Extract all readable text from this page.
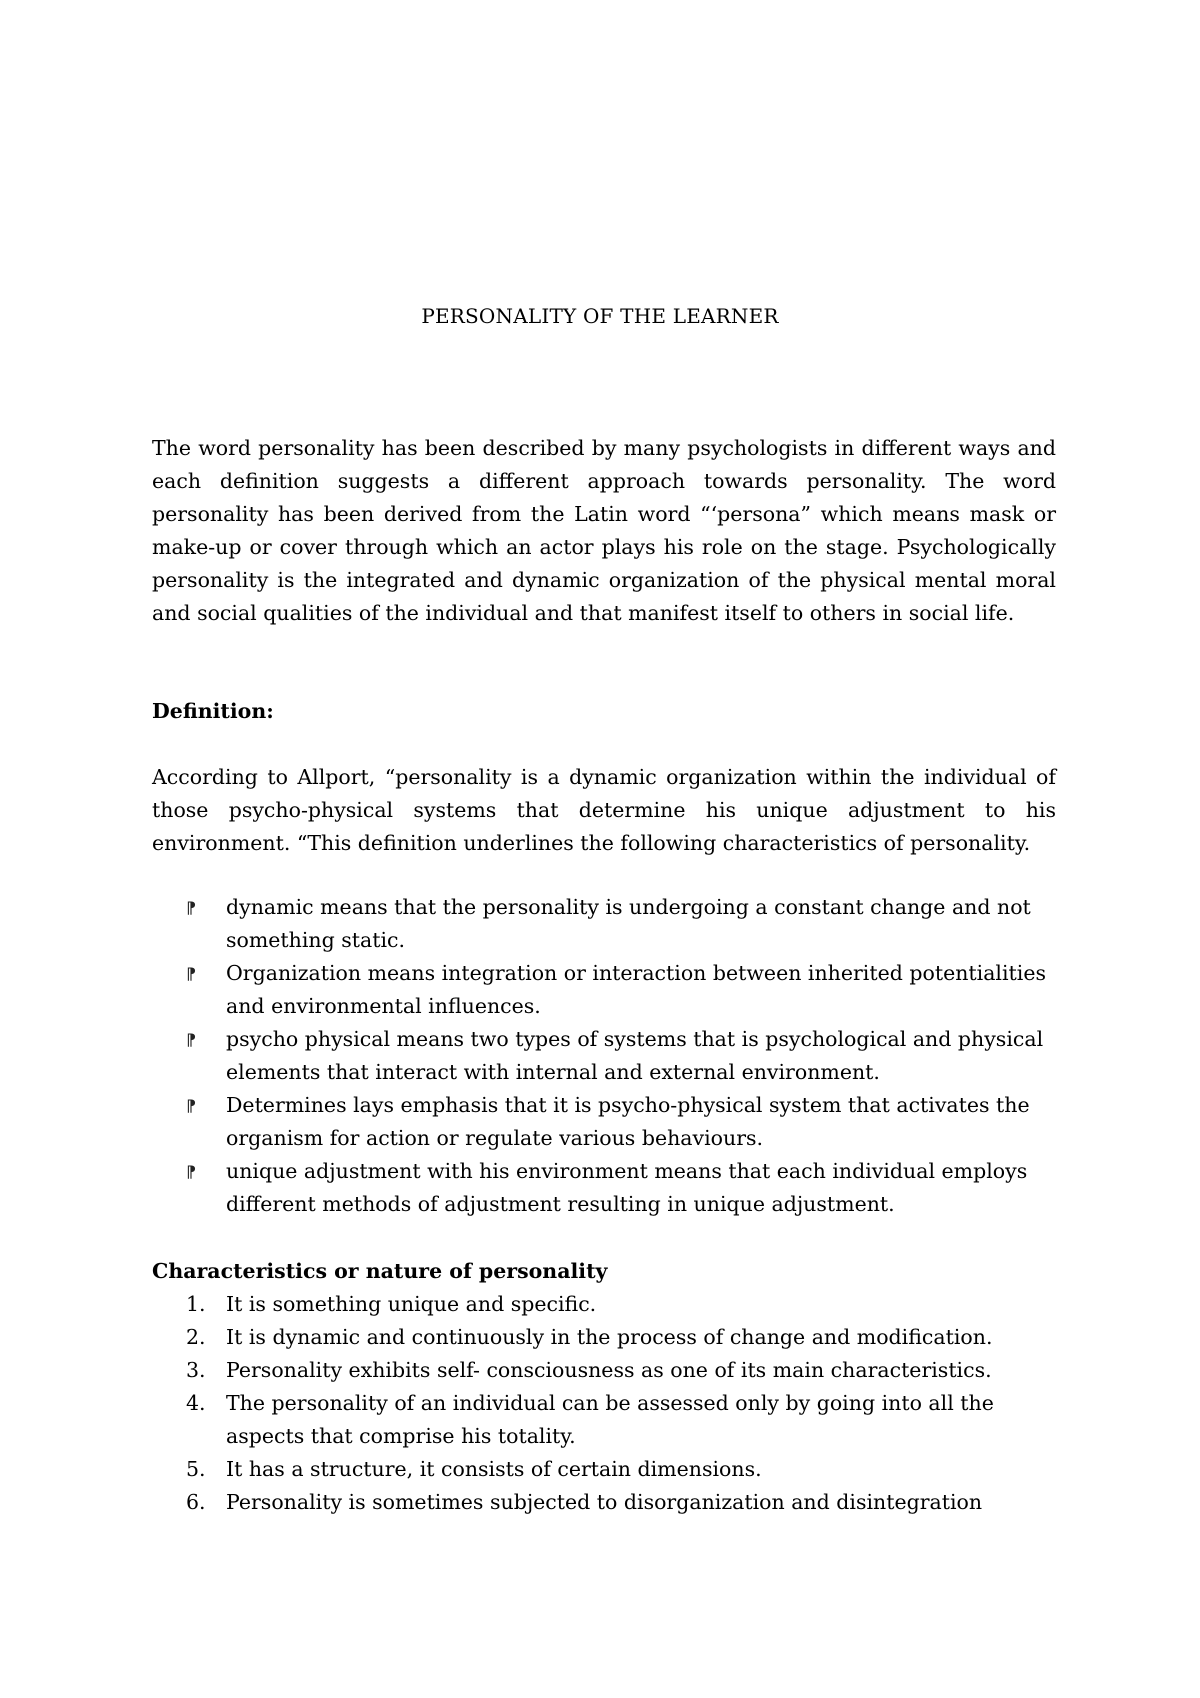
PERSONALITY OF THE LEARNER

The word personality has been described by many psychologists in different ways and each definition suggests a different approach towards personality. The word personality has been derived from the Latin word “‘persona” which means mask or make-up or cover through which an actor plays his role on the stage. Psychologically personality is the integrated and dynamic organization of the physical mental moral and social qualities of the individual and that manifest itself to others in social life.

Definition:

According to Allport, “personality is a dynamic organization within the individual of those psycho-physical systems that determine his unique adjustment to his environment. “This definition underlines the following characteristics of personality.

⁋ dynamic means that the personality is undergoing a constant change and not something static.
⁋ Organization means integration or interaction between inherited potentialities and environmental influences.
⁋ psycho physical means two types of systems that is psychological and physical elements that interact with internal and external environment.
⁋ Determines lays emphasis that it is psycho-physical system that activates the organism for action or regulate various behaviours.
⁋ unique adjustment with his environment means that each individual employs different methods of adjustment resulting in unique adjustment.
Characteristics or nature of personality
1. It is something unique and specific.
2. It is dynamic and continuously in the process of change and modification.
3. Personality exhibits self- consciousness as one of its main characteristics.
4. The personality of an individual can be assessed only by going into all the aspects that comprise his totality.
5. It has a structure, it consists of certain dimensions.
6. Personality is sometimes subjected to disorganization and disintegration
